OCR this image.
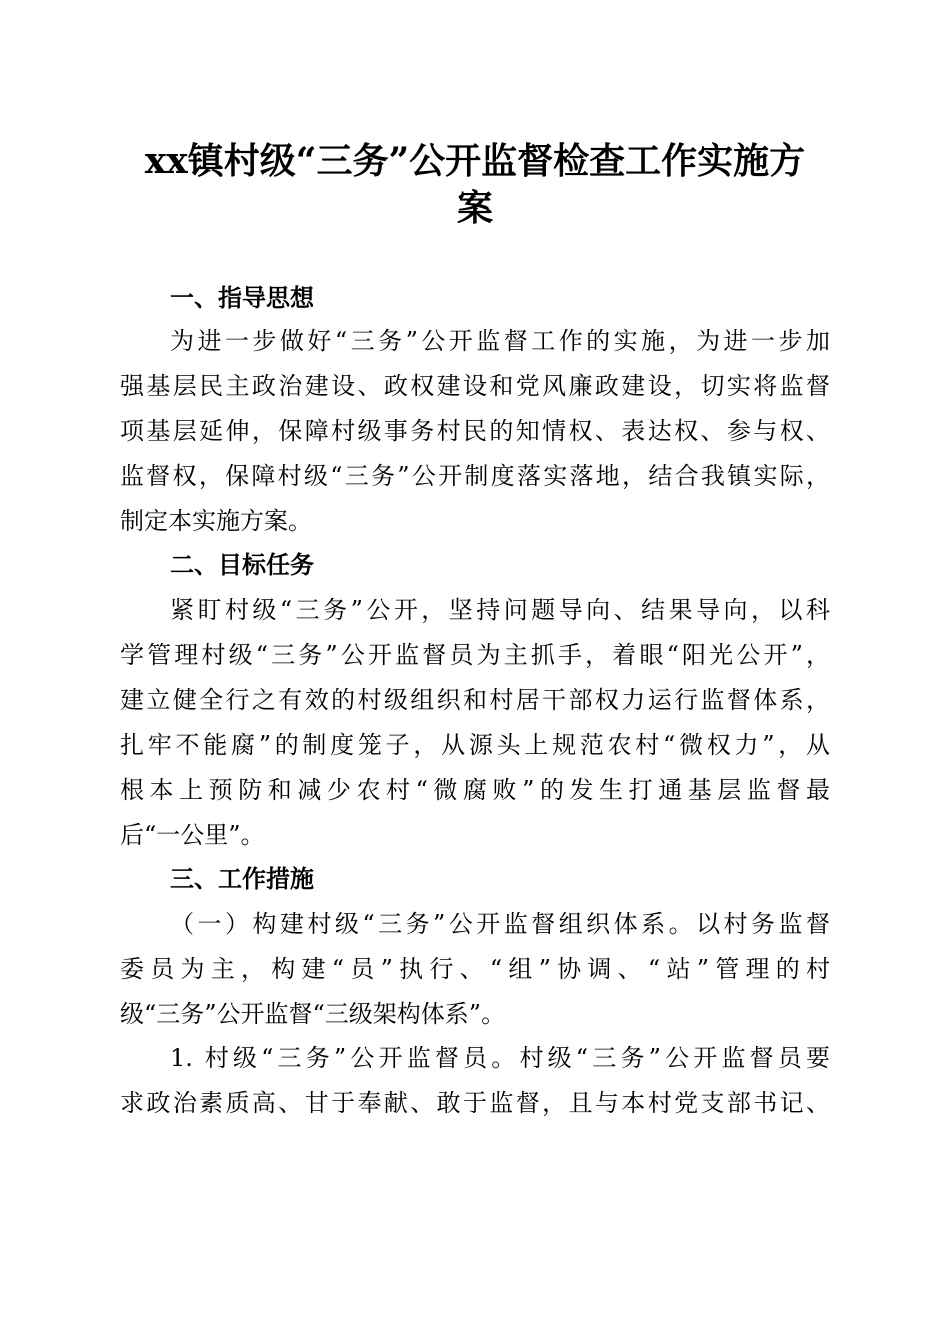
xx镇村级“三务”公开监督检查工作实施方
案
一、指导思想
为进一步做好“三务”公开监督工作的实施，为进一步加
强基层民主政治建设、政权建设和党风廉政建设，切实将监督
项基层延伸，保障村级事务村民的知情权、表达权、参与权、
监督权，保障村级“三务”公开制度落实落地，结合我镇实际，
制定本实施方案。
二、目标任务
紧盯村级“三务”公开，坚持问题导向、结果导向，以科
学管理村级“三务”公开监督员为主抓手，着眼“阳光公开”，
建立健全行之有效的村级组织和村居干部权力运行监督体系，
扎牢不能腐”的制度笼子，从源头上规范农村“微权力”，从
根本上预防和减少农村“微腐败”的发生打通基层监督最
后“一公里”。
三、工作措施
（一）构建村级“三务”公开监督组织体系。以村务监督
委员为主，构建“员”执行、“组”协调、“站”管理的村
级“三务”公开监督“三级架构体系”。
1. 村级“三务”公开监督员。村级“三务”公开监督员要
求政治素质高、甘于奉献、敢于监督，且与本村党支部书记、
